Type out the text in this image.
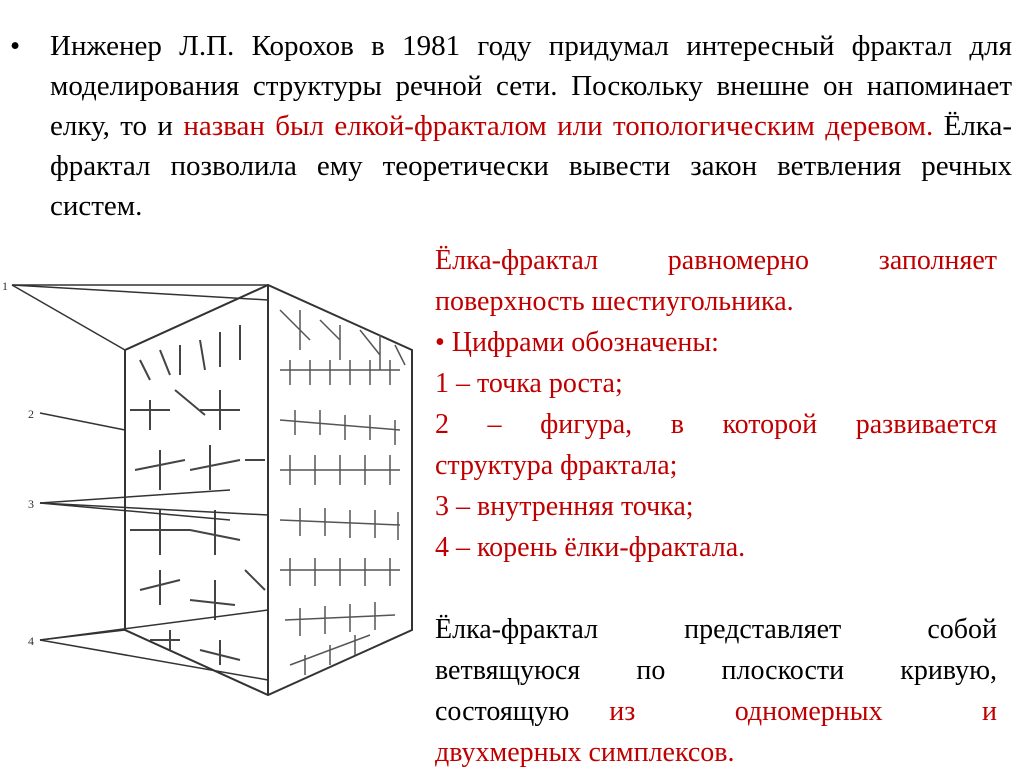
• Инженер Л.П. Корохов в 1981 году придумал интересный фрактал для моделирования структуры речной сети. Поскольку внешне он напоминает елку, то и назван был елкой-фракталом или топологическим деревом. Ёлка-фрактал позволила ему теоретически вывести закон ветвления речных систем.
1
2
3
4
Ёлка-фрактал равномерно заполняет
поверхность шестиугольника.
• Цифрами обозначены:
1 – точка роста;
2 – фигура, в которой развивается
структура фрактала;
3 – внутренняя точка;
4 – корень ёлки-фрактала.
Ёлка-фрактал представляет собой
ветвящуюся по плоскости кривую,
состоящую из одномерных и
двухмерных симплексов.
